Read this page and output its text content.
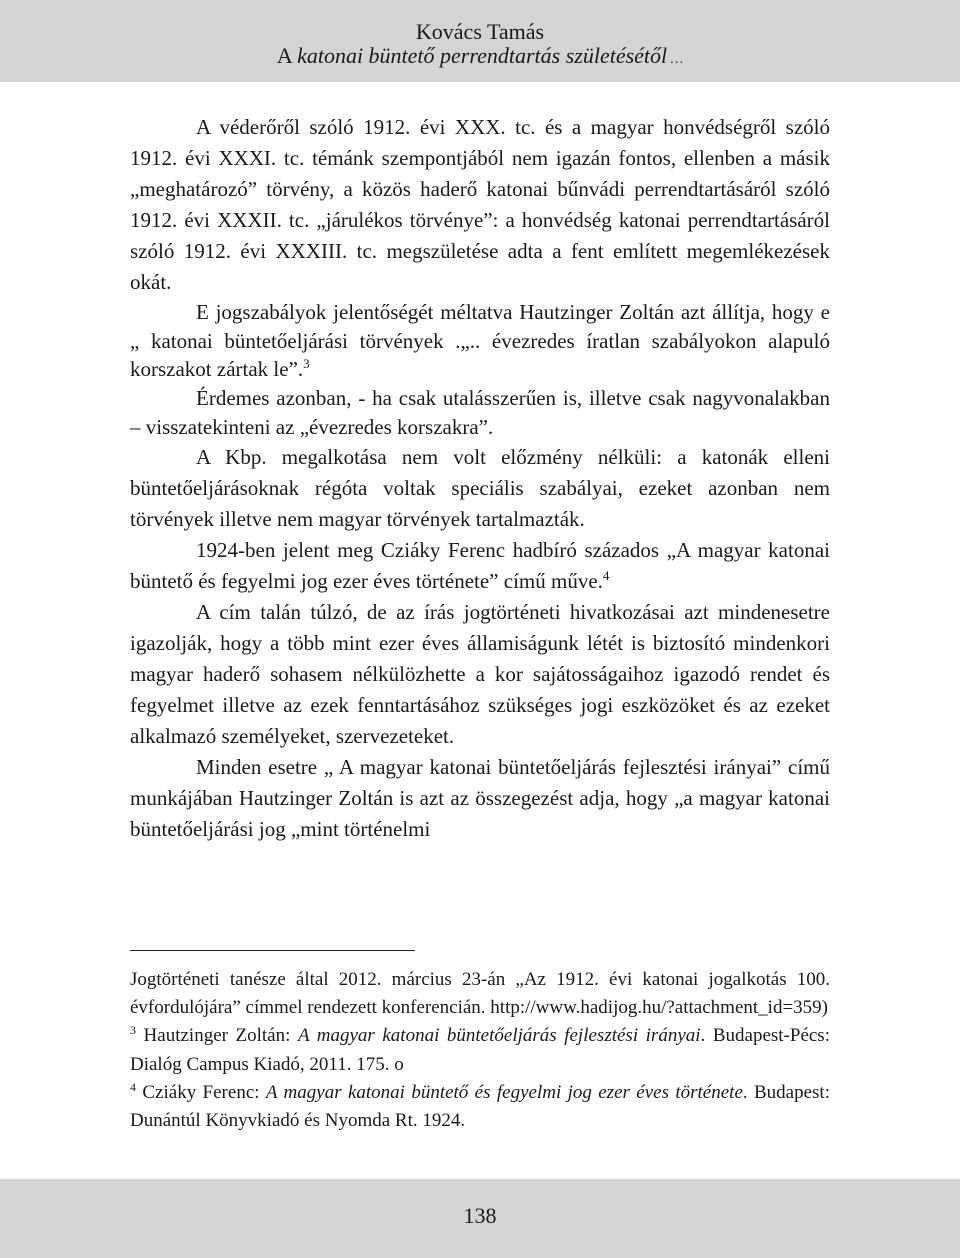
Kovács Tamás
A katonai büntető perrendtartás születésétől …

A véderőről szóló 1912. évi XXX. tc. és a magyar honvédségről szóló 1912. évi XXXI. tc. témánk szempontjából nem igazán fontos, ellenben a másik „meghatározó” törvény, a közös haderő katonai bűnvádi perrendtartásáról szóló 1912. évi XXXII. tc. „járulékos törvénye”: a honvédség katonai perrendtartásáról szóló 1912. évi XXXIII. tc. megszületése adta a fent említett megemlékezések okát.

E jogszabályok jelentőségét méltatva Hautzinger Zoltán azt állítja, hogy e „ katonai büntetőeljárási törvények .„.. évezredes íratlan szabályokon alapuló korszakot zártak le”.$^3$

Érdemes azonban, - ha csak utalásszerűen is, illetve csak nagyvonalakban – visszatekinteni az „évezredes korszakra”.

A Kbp. megalkotása nem volt előzmény nélküli: a katonák elleni büntetőeljárásoknak régóta voltak speciális szabályai, ezeket azonban nem törvények illetve nem magyar törvények tartalmazták.

1924-ben jelent meg Cziáky Ferenc hadbíró százados „A magyar katonai büntető és fegyelmi jog ezer éves története” című műve.$^4$

A cím talán túlzó, de az írás jogtörténeti hivatkozásai azt mindenesetre igazolják, hogy a több mint ezer éves államiságunk létét is biztosító mindenkori magyar haderő sohasem nélkülözhette a kor sajátosságaihoz igazodó rendet és fegyelmet illetve az ezek fenntartásához szükséges jogi eszközöket és az ezeket alkalmazó személyeket, szervezeteket.

Minden esetre „ A magyar katonai büntetőeljárás fejlesztési irányai” című munkájában Hautzinger Zoltán is azt az összegezést adja, hogy „a magyar katonai büntetőeljárási jog „mint történelmi

Jogtörténeti tanésze által 2012. március 23-án „Az 1912. évi katonai jogalkotás 100. évfordulójára” címmel rendezett konferencián. http://www.hadijog.hu/?attachment_id=359)

$^3$ Hautzinger Zoltán: A magyar katonai büntetőeljárás fejlesztési irányai. Budapest-Pécs: Dialóg Campus Kiadó, 2011. 175. o

$^4$ Cziáky Ferenc: A magyar katonai büntető és fegyelmi jog ezer éves története. Budapest: Dunántúl Könyvkiadó és Nyomda Rt. 1924.

138
